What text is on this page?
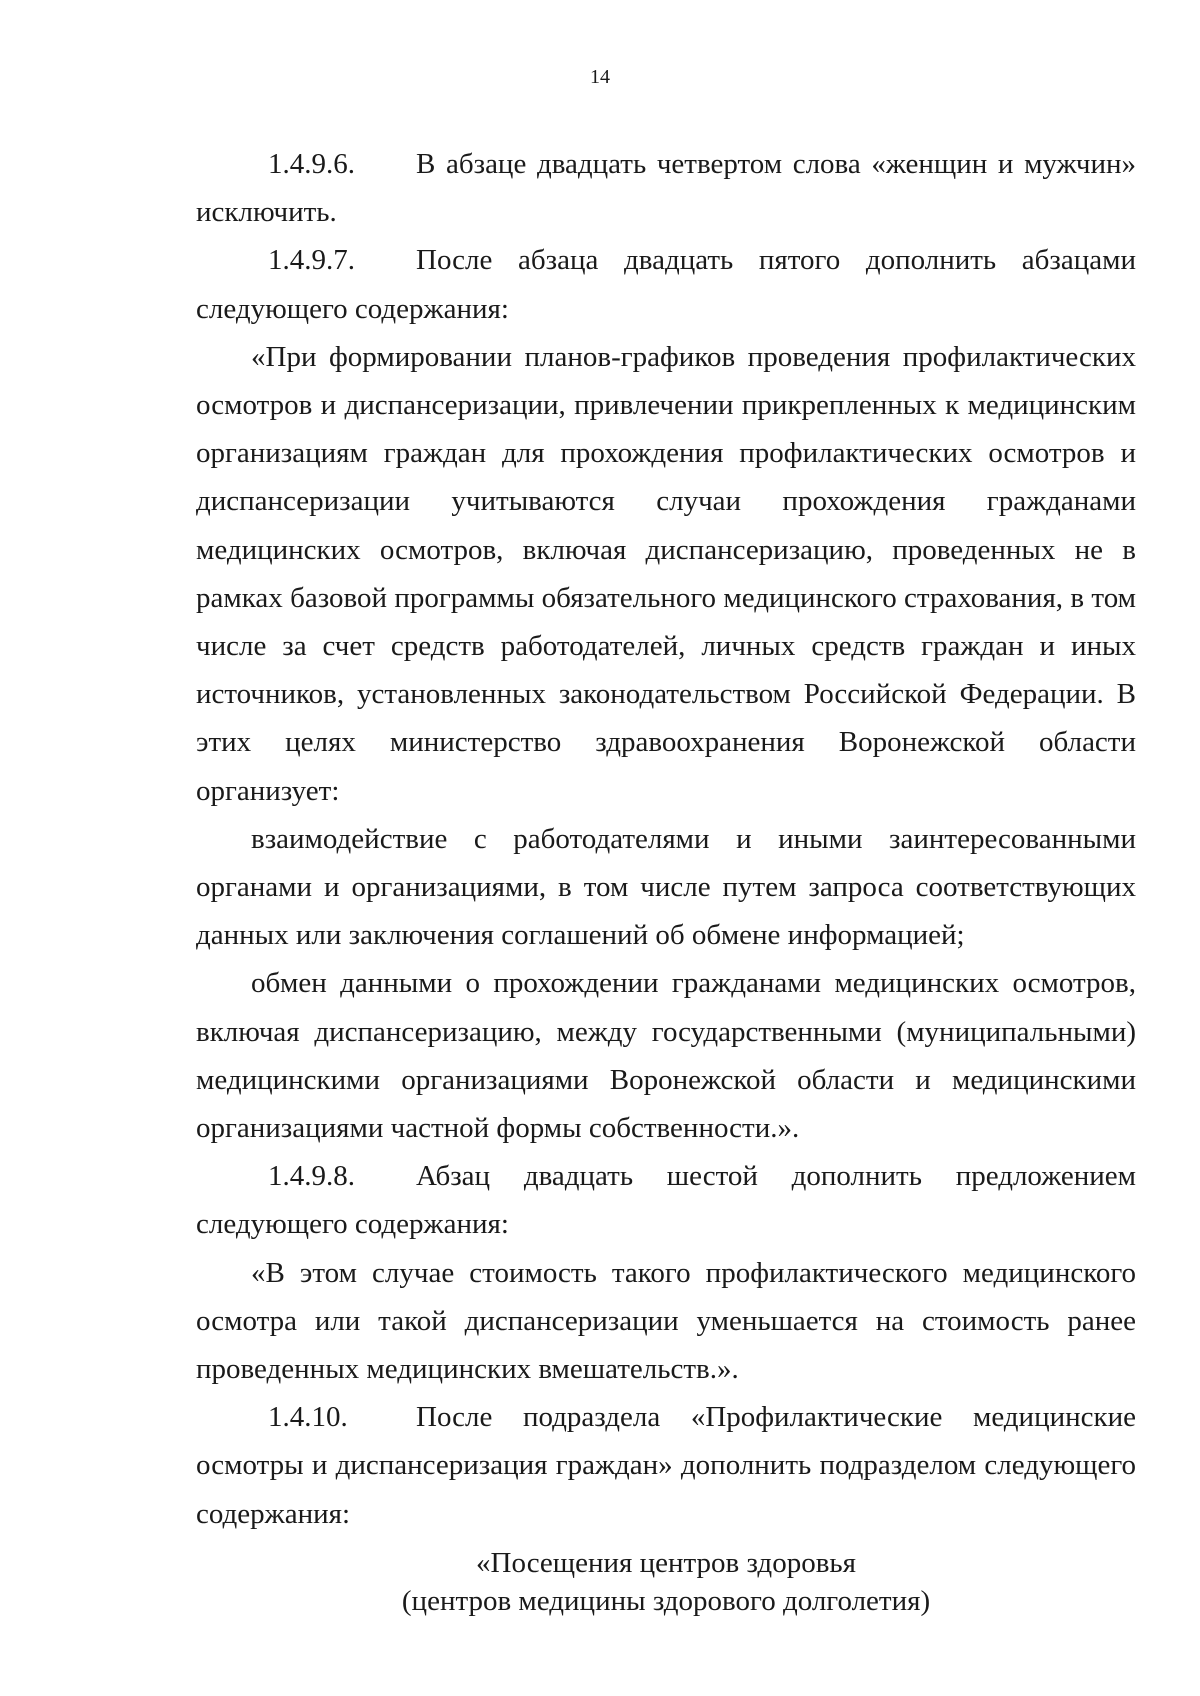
14

1.4.9.6. В абзаце двадцать четвертом слова «женщин и мужчин» исключить.

1.4.9.7. После абзаца двадцать пятого дополнить абзацами следующего содержания:

«При формировании планов-графиков проведения профилактических осмотров и диспансеризации, привлечении прикрепленных к медицинским организациям граждан для прохождения профилактических осмотров и диспансеризации учитываются случаи прохождения гражданами медицинских осмотров, включая диспансеризацию, проведенных не в рамках базовой программы обязательного медицинского страхования, в том числе за счет средств работодателей, личных средств граждан и иных источников, установленных законодательством Российской Федерации. В этих целях министерство здравоохранения Воронежской области организует:

взаимодействие с работодателями и иными заинтересованными органами и организациями, в том числе путем запроса соответствующих данных или заключения соглашений об обмене информацией;

обмен данными о прохождении гражданами медицинских осмотров, включая диспансеризацию, между государственными (муниципальными) медицинскими организациями Воронежской области и медицинскими организациями частной формы собственности.».

1.4.9.8. Абзац двадцать шестой дополнить предложением следующего содержания:

«В этом случае стоимость такого профилактического медицинского осмотра или такой диспансеризации уменьшается на стоимость ранее проведенных медицинских вмешательств.».

1.4.10. После подраздела «Профилактические медицинские осмотры и диспансеризация граждан» дополнить подразделом следующего содержания:

«Посещения центров здоровья
(центров медицины здорового долголетия)
